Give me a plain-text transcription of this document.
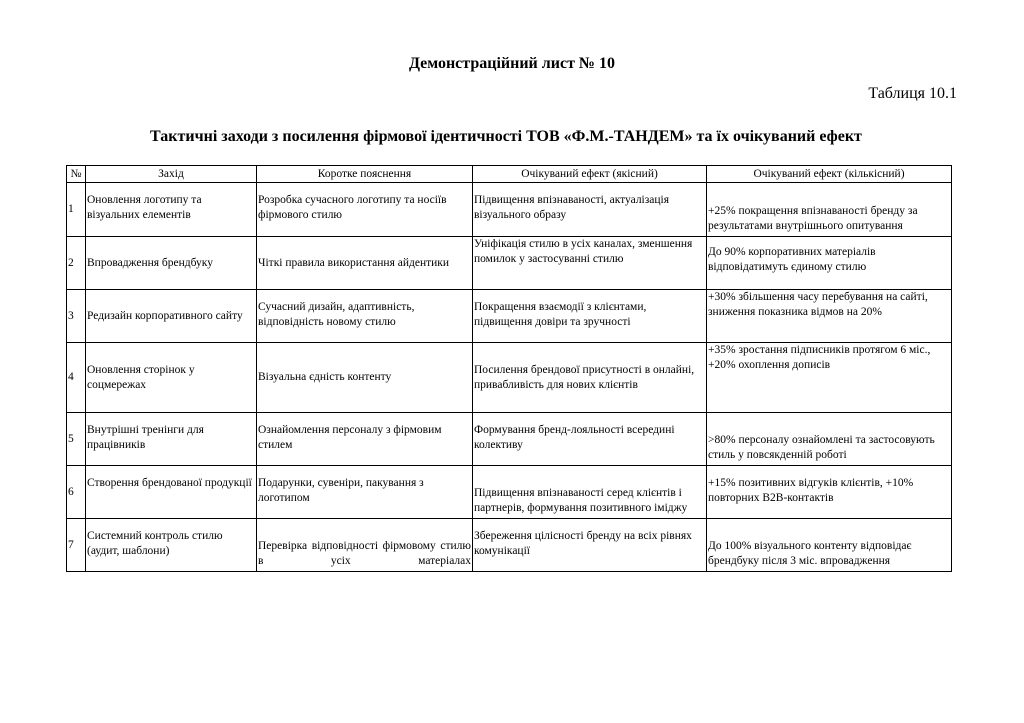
Демонстраційний лист № 10
Таблиця 10.1
Тактичні заходи з посилення фірмової ідентичності ТОВ «Ф.М.-ТАНДЕМ» та їх очікуваний ефект
№	Захід	Коротке пояснення	Очікуваний ефект (якісний)	Очікуваний ефект (кількісний)
1	Оновлення логотипу та візуальних елементів	Розробка сучасного логотипу та носіїв фірмового стилю	Підвищення впізнаваності, актуалізація візуального образу	+25% покращення впізнаваності бренду за результатами внутрішнього опитування
2	Впровадження брендбуку	Чіткі правила використання айдентики	Уніфікація стилю в усіх каналах, зменшення помилок у застосуванні стилю	До 90% корпоративних матеріалів відповідатимуть єдиному стилю
3	Редизайн корпоративного сайту	Сучасний дизайн, адаптивність, відповідність новому стилю	Покращення взаємодії з клієнтами, підвищення довіри та зручності	+30% збільшення часу перебування на сайті, зниження показника відмов на 20%
4	Оновлення сторінок у соцмережах	Візуальна єдність контенту	Посилення брендової присутності в онлайні, привабливість для нових клієнтів	+35% зростання підписників протягом 6 міс., +20% охоплення дописів
5	Внутрішні тренінги для працівників	Ознайомлення персоналу з фірмовим стилем	Формування бренд-лояльності всередині колективу	>80% персоналу ознайомлені та застосовують стиль у повсякденній роботі
6	Створення брендованої продукції	Подарунки, сувеніри, пакування з логотипом	Підвищення впізнаваності серед клієнтів і партнерів, формування позитивного іміджу	+15% позитивних відгуків клієнтів, +10% повторних B2B-контактів
7	Системний контроль стилю (аудит, шаблони)	Перевірка відповідності фірмовому стилю в усіх матеріалах	Збереження цілісності бренду на всіх рівнях комунікації	До 100% візуального контенту відповідає брендбуку після 3 міс. впровадження
